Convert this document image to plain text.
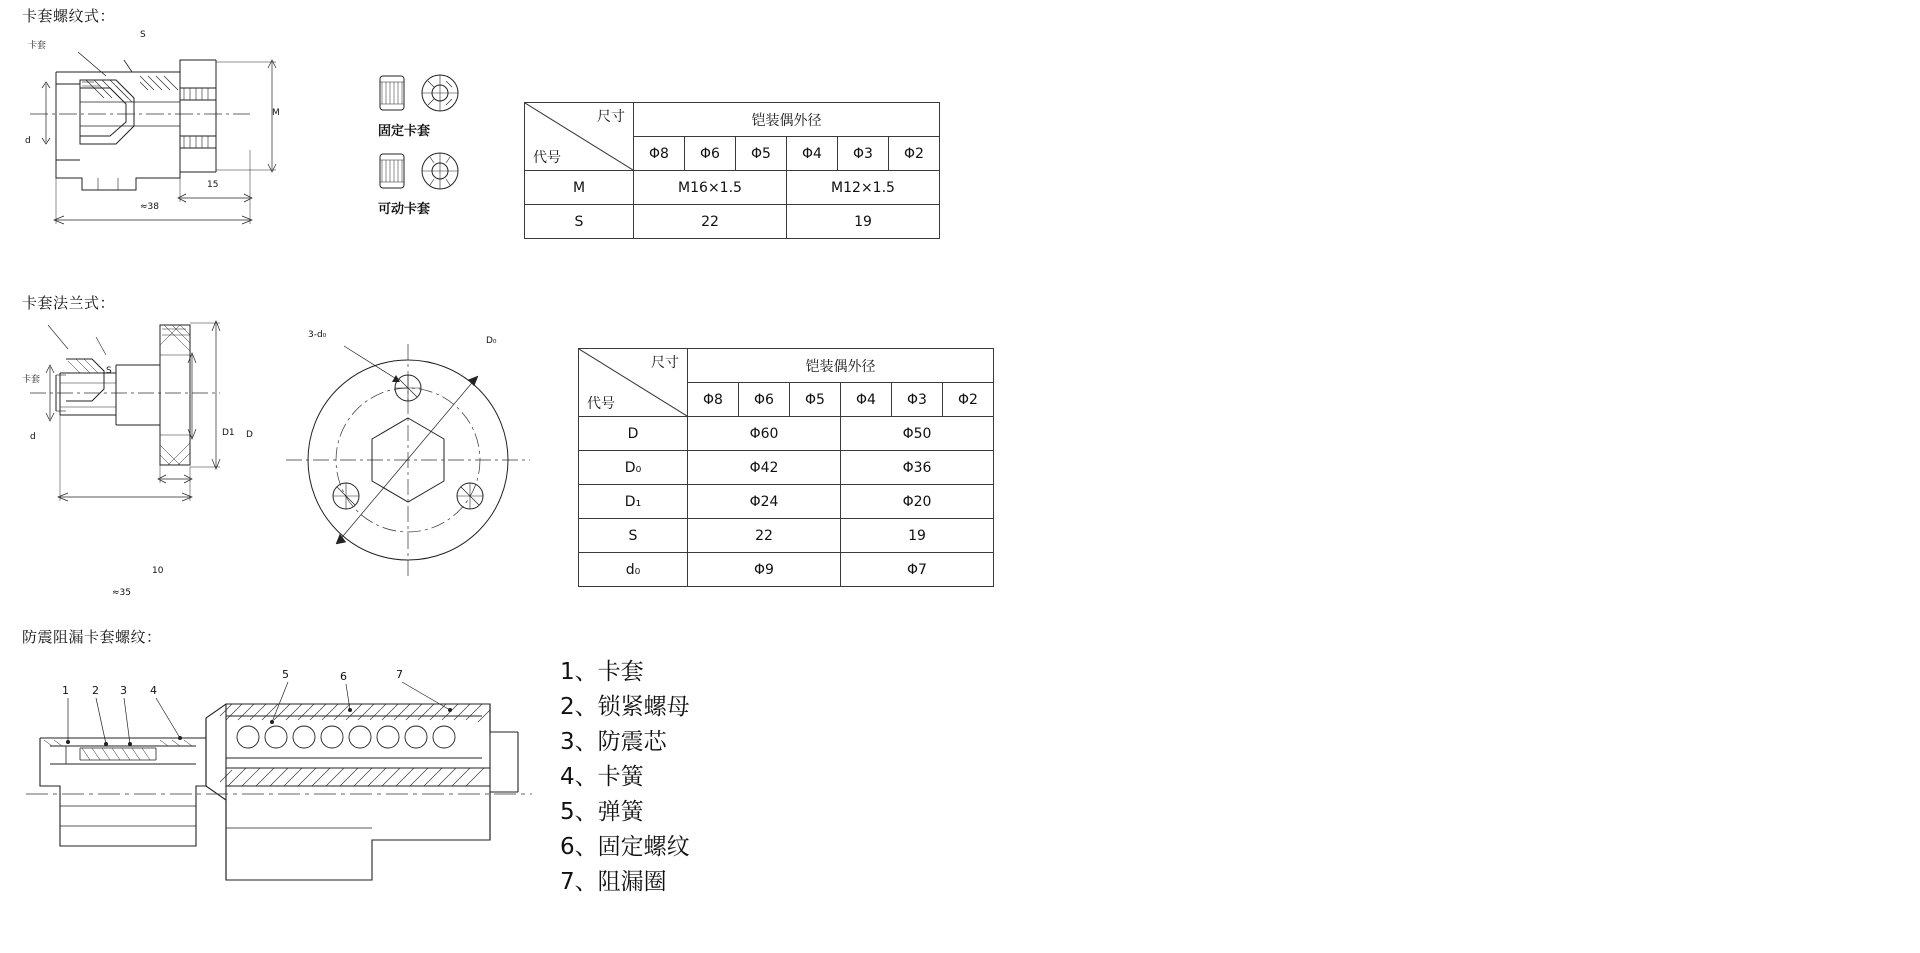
卡套螺纹式：
卡套
S
d
M
15
≈38
固定卡套
可动卡套
尺寸
代号	铠装偶外径					
	Φ8	Φ6	Φ5	Φ4	Φ3	Φ2
M	M16×1.5			M12×1.5		
S	22			19		
卡套法兰式：
卡套
S
d	D1 D
10
≈35
3-d₀
D₀
尺寸
代号	铠装偶外径					
	Φ8	Φ6	Φ5	Φ4	Φ3	Φ2
D	Φ60			Φ50		
D₀	Φ42			Φ36		
D₁	Φ24			Φ20		
S	22			19		
d₀	Φ9			Φ7		
防震阻漏卡套螺纹：
1 2 3 4
5	6	7	1、卡套
2、锁紧螺母
3、防震芯
4、卡簧
5、弹簧
6、固定螺纹
7、阻漏圈
